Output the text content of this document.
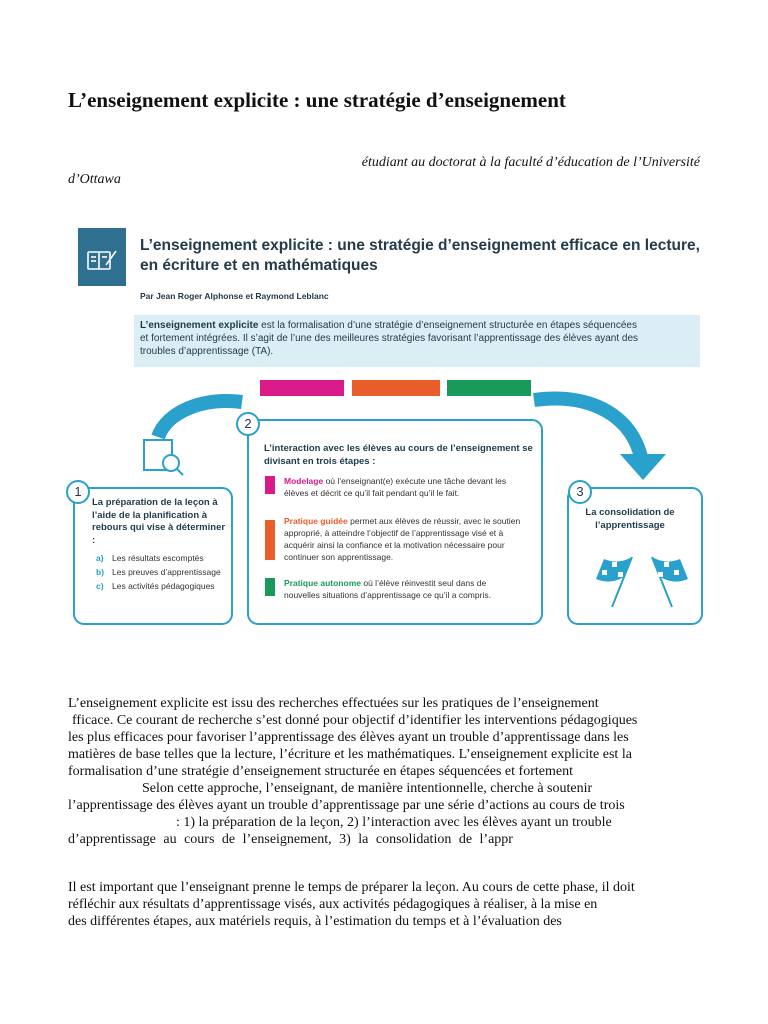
L’enseignement explicite : une stratégie d’enseignement
étudiant au doctorat à la faculté d’éducation de l’Université
d’Ottawa
L’enseignement explicite : une stratégie d’enseignement efficace en lecture,
en écriture et en mathématiques
Par Jean Roger Alphonse et Raymond Leblanc
L’enseignement explicite est la formalisation d’une stratégie d’enseignement structurée en étapes séquencées
et fortement intégrées. Il s’agit de l’une des meilleures stratégies favorisant l’apprentissage des élèves ayant des
troubles d’apprentissage (TA).
1
2
3
La préparation de la leçon à l’aide de la planification à rebours qui vise à déterminer :
a) Les résultats escomptés
b) Les preuves d’apprentissage
c) Les activités pédagogiques
L’interaction avec les élèves au cours de l’enseignement se divisant en trois étapes :
Modelage où l’enseignant(e) exécute une tâche devant les
élèves et décrit ce qu’il fait pendant qu’il le fait.
Pratique guidée permet aux élèves de réussir, avec le soutien
approprié, à atteindre l’objectif de l’apprentissage visé et à
acquérir ainsi la confiance et la motivation nécessaire pour
continuer son apprentissage.
Pratique autonome où l’élève réinvestit seul dans de
nouvelles situations d’apprentissage ce qu’il a compris.
La consolidation de l’apprentissage
L’enseignement explicite est issu des recherches effectuées sur les pratiques de l’enseignement
fficace. Ce courant de recherche s’est donné pour objectif d’identifier les interventions pédagogiques
les plus efficaces pour favoriser l’apprentissage des élèves ayant un trouble d’apprentissage dans les
matières de base telles que la lecture, l’écriture et les mathématiques. L’enseignement explicite est la
formalisation d’une stratégie d’enseignement structurée en étapes séquencées et fortement
Selon cette approche, l’enseignant, de manière intentionnelle, cherche à soutenir
l’apprentissage des élèves ayant un trouble d’apprentissage par une série d’actions au cours de trois
: 1) la préparation de la leçon, 2) l’interaction avec les élèves ayant un trouble
d’apprentissage au cours de l’enseignement, 3) la consolidation de l’appr
Il est important que l’enseignant prenne le temps de préparer la leçon. Au cours de cette phase, il doit
réfléchir aux résultats d’apprentissage visés, aux activités pédagogiques à réaliser, à la mise en
des différentes étapes, aux matériels requis, à l’estimation du temps et à l’évaluation des
